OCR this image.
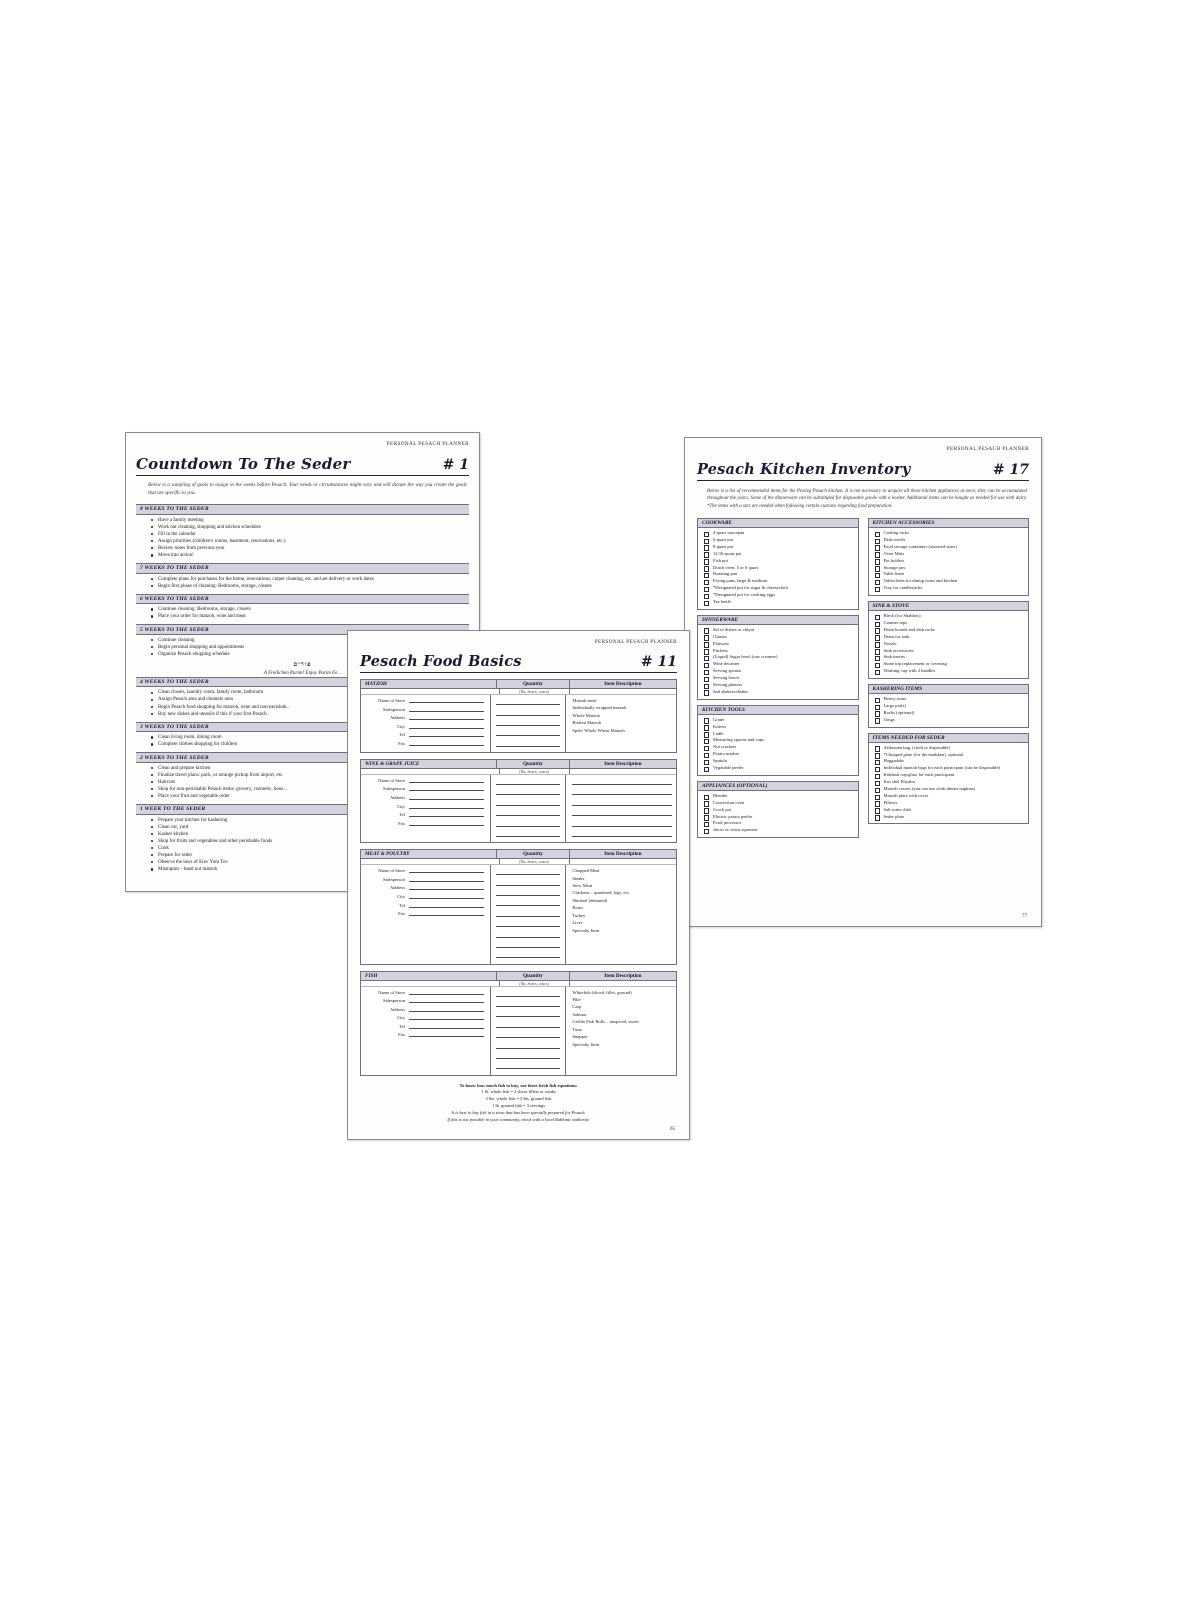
PERSONAL PESACH PLANNER
Countdown To The Seder	# 1
Below is a sampling of goals to assign in the weeks before Pesach. Your needs or circumstances might vary and will dictate the way you create the goals that are specific to you.
8 WEEKS TO THE SEDER
Have a family meeting
Work out cleaning, shopping and kitchen schedules
Fill in the calendar
Assign priorities (children's rooms, basement, renovations, etc.)
Review notes from previous year
Move into action!
7 WEEKS TO THE SEDER
Complete plans for purchases for the home, renovations, carpet cleaning, etc. and set delivery or work dates
Begin first phase of cleaning: Bedrooms, storage, closets
6 WEEKS TO THE SEDER
Continue cleaning: Bedrooms, storage, closets
Place your order for matzoh, wine and meat
5 WEEKS TO THE SEDER
Continue cleaning
Begin personal shopping and appointments
Organize Pesach shopping schedule
פורים
A Freilichen Purim! Enjoy Purim Fe...
4 WEEKS TO THE SEDER
Clean closets, laundry room, family room, bathroom
Assign Pesach area and chometz area
Begin Pesach food shopping for matzoh, wine and non-perishab...
Buy new dishes and utensils if this if your first Pesach .
3 WEEKS TO THE SEDER
Clean living room, dining room
Complete clothes shopping for children
2 WEEKS TO THE SEDER
Clean and prepare kitchen
Finalize travel plans: pack, or arrange pickup from airport, etc.
Haircuts
Shop for non-perishable Pesach items: grocery, cosmetic, hous...
Place your fruit and vegetable order
1 WEEK TO THE SEDER
Prepare your kitchen for kashering
Clean car, yard
Kasher kitchen
Shop for fruits and vegetables and other perishable foods
Cook
Prepare for seder
Observe the laws of Erev Yom Tov
Mistrapim – hand out matzoh
PERSONAL PESACH PLANNER
Pesach Kitchen Inventory	# 17
Below is a list of recommended items for the Pesileg Pesach kitchen. It is not necessary to acquire all these kitchen appliances at once; they can be accumulated throughout the years. Some of the dinnerware can be substituted for disposable goods with a kosher. Additional items can be bought as needed for use with dairy. *The items with a star are needed when following certain customs regarding food preparation.
COOKWARE
4-quart saucepan
6-quart pot
8-quart pot
12/16-quart pot
Fish pot
Dutch oven, 5 or 6 quart
Roasting pan
Frying pans, large & medium
*Designated pot for sugar & cheesecloth
*Designated pot for cooking eggs
Tea kettle
DINNERWARE
Set of dishes or chiyut
Glasses
Flatware
Pitchers
(Liquid) Sugar bowl (raw creamer)
Wine decanter
Serving spoons
Serving bowls
Serving platters
Salt shakers/dishes
KITCHEN TOOLS
Grater
Knives
Ladle
Measuring spoons and cups
Nut crackers
Potato masher
Spatula
Vegetable peeler
APPLIANCES (OPTIONAL)
Blender
Convection oven
Crock pot
Electric potato peeler
Food processor
Juicer or citrus squeezer
KITCHEN ACCESSORIES
Cooling racks
Dish towels
Food storage containers (assorted sizes)
Oven Mitts
Pot holders
Storage jars
Table linen
Tablecloths for dining room and kitchen
Tray for candlesticks
SINK & STOVE
Blech (for Shabbos)
Counter tops
Drain boards and dish racks
Drain for sink
Nozzle
Sink accessories
Sink inserts
Stone top replacement or covering
Washing cup with 2 handles
KASHERING ITEMS
Heavy stone
Large pot(s)
Rocks (optional)
Tongs
ITEMS NEEDED FOR SEDER
Afikomen bag, (cloth or disposable)
*Chopped plate (for the maikken), optional
Haggadahs
Individual matzoh bags for each participant (can be disposable)
Kiddush cup/glass for each participant
Kos shel Eliyahu
Matzoh covers (you can use cloth dinner napkins)
Matzoh plate with cover
Pillows
Salt water dish
Seder plate
77
PERSONAL PESACH PLANNER
Pesach Food Basics	# 11
MATZOH	Quantity	Item Description
(lbs, boxes, cases)
Name of Store
Salesperson
Address
City
Tel
Fax
Matzoh meal
Individually wrapped matzoh
Whole Matzoh
Broken Matzoh
Spelt/ Whole Wheat Matzoh
WINE & GRAPE JUICE	Quantity	Item Description
(lbs, boxes, cases)
Name of Store
Salesperson
Address
City
Tel
Fax
MEAT & POULTRY	Quantity	Item Description
(lbs, boxes, cases)
Name of Store
Salesperson
Address
City
Tel
Fax
Chopped Meat
Steaks
Stew Meat
Chickens – quartered, legs, etc.
Shnitzel (deboned)
Roast
Turkey
Liver
Specialty Item
FISH	Quantity	Item Description
(lbs, boxes, cases)
Name of Store
Salesperson
Address
City
Tel
Fax
Whitefish (sliced, fillet, ground)
Pike
Carp
Salmon
Gefilte Fish Rolls – unspiced, sweet
Tuna
Snapper
Specialty Item
To know how much fish to buy, use these fresh fish equations:
1 lb. whole fish = 2 slices fillets or steaks
3 lbs. whole fish = 3 lbs. ground fish
1 lb. ground fish = 3 servings
It is best to buy fish in a store that has been specially prepared for Pesach.
If this is not possible in your community, check with a local Rabbinic authority.
65
